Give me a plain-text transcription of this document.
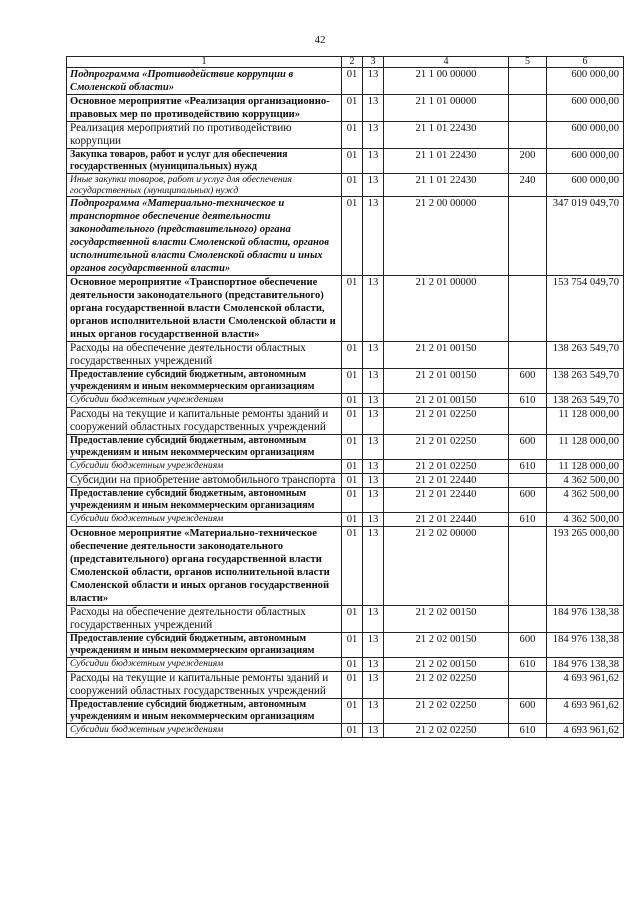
42
1	2	3	4	5	6
Подпрограмма «Противодействие коррупции в Смоленской области»	01	13	21 1 00 00000		600 000,00
Основное мероприятие «Реализация организационно-правовых мер по противодействию коррупции»	01	13	21 1 01 00000		600 000,00
Реализация мероприятий по противодействию коррупции	01	13	21 1 01 22430		600 000,00
Закупка товаров, работ и услуг для обеспечения государственных (муниципальных) нужд	01	13	21 1 01 22430	200	600 000,00
Иные закупки товаров, работ и услуг для обеспечения государственных (муниципальных) нужд	01	13	21 1 01 22430	240	600 000,00
Подпрограмма «Материально-техническое и транспортное обеспечение деятельности законодательного (представительного) органа государственной власти Смоленской области, органов исполнительной власти Смоленской области и иных органов государственной власти»	01	13	21 2 00 00000		347 019 049,70
Основное мероприятие «Транспортное обеспечение деятельности законодательного (представительного) органа государственной власти Смоленской области, органов исполнительной власти Смоленской области и иных органов государственной власти»	01	13	21 2 01 00000		153 754 049,70
Расходы на обеспечение деятельности областных государственных учреждений	01	13	21 2 01 00150		138 263 549,70
Предоставление субсидий бюджетным, автономным учреждениям и иным некоммерческим организациям	01	13	21 2 01 00150	600	138 263 549,70
Субсидии бюджетным учреждениям	01	13	21 2 01 00150	610	138 263 549,70
Расходы на текущие и капитальные ремонты зданий и сооружений областных государственных учреждений	01	13	21 2 01 02250		11 128 000,00
Предоставление субсидий бюджетным, автономным учреждениям и иным некоммерческим организациям	01	13	21 2 01 02250	600	11 128 000,00
Субсидии бюджетным учреждениям	01	13	21 2 01 02250	610	11 128 000,00
Субсидии на приобретение автомобильного транспорта	01	13	21 2 01 22440		4 362 500,00
Предоставление субсидий бюджетным, автономным учреждениям и иным некоммерческим организациям	01	13	21 2 01 22440	600	4 362 500,00
Субсидии бюджетным учреждениям	01	13	21 2 01 22440	610	4 362 500,00
Основное мероприятие «Материально-техническое обеспечение деятельности законодательного (представительного) органа государственной власти Смоленской области, органов исполнительной власти Смоленской области и иных органов государственной власти»	01	13	21 2 02 00000		193 265 000,00
Расходы на обеспечение деятельности областных государственных учреждений	01	13	21 2 02 00150		184 976 138,38
Предоставление субсидий бюджетным, автономным учреждениям и иным некоммерческим организациям	01	13	21 2 02 00150	600	184 976 138,38
Субсидии бюджетным учреждениям	01	13	21 2 02 00150	610	184 976 138,38
Расходы на текущие и капитальные ремонты зданий и сооружений областных государственных учреждений	01	13	21 2 02 02250		4 693 961,62
Предоставление субсидий бюджетным, автономным учреждениям и иным некоммерческим организациям	01	13	21 2 02 02250	600	4 693 961,62
Субсидии бюджетным учреждениям	01	13	21 2 02 02250	610	4 693 961,62
